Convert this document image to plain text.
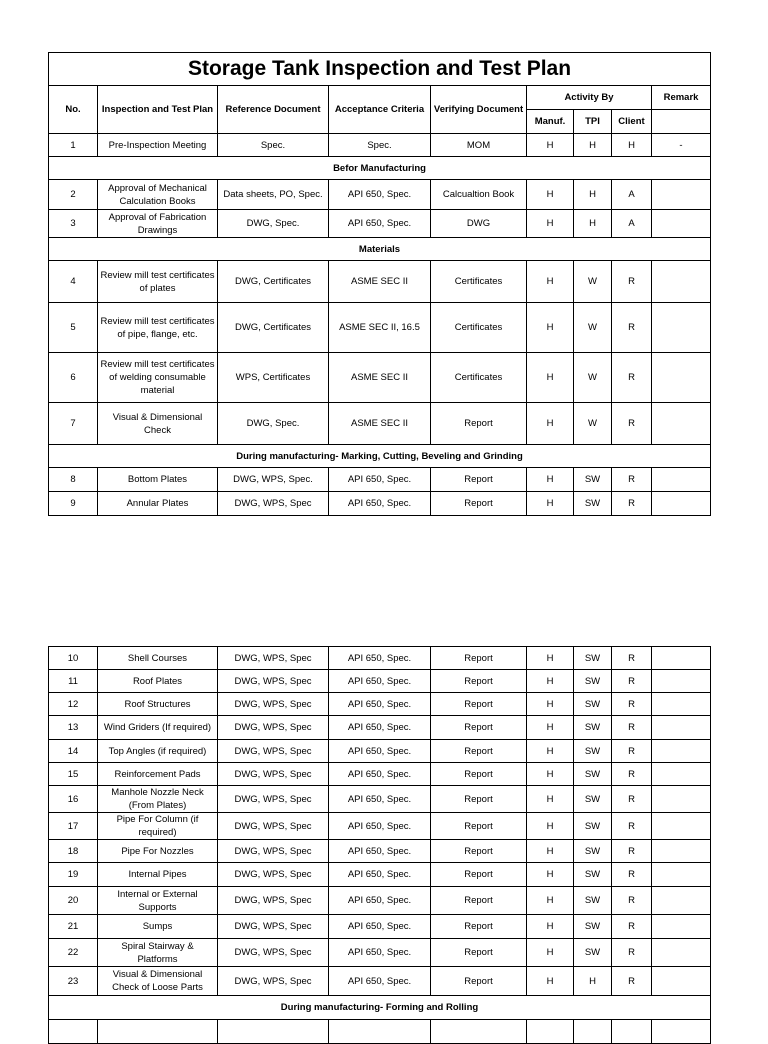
Storage Tank Inspection and Test Plan								
No.	Inspection and Test Plan	Reference Document	Acceptance Criteria	Verifying Document	Activity By			Remark
					Manuf.	TPI	Client	
1	Pre-Inspection Meeting	Spec.	Spec.	MOM	H	H	H	-
Befor Manufacturing								
2	Approval of Mechanical Calculation Books	Data sheets, PO, Spec.	API 650, Spec.	Calcualtion Book	H	H	A	
3	Approval of Fabrication Drawings	DWG, Spec.	API 650, Spec.	DWG	H	H	A	
Materials								
4	Review mill test certificates of plates	DWG, Certificates	ASME SEC II	Certificates	H	W	R	
5	Review mill test certificates of pipe, flange, etc.	DWG, Certificates	ASME SEC II, 16.5	Certificates	H	W	R	
6	Review mill test certificates of welding consumable material	WPS, Certificates	ASME SEC II	Certificates	H	W	R	
7	Visual & Dimensional Check	DWG, Spec.	ASME SEC II	Report	H	W	R	
During manufacturing- Marking, Cutting, Beveling and Grinding								
8	Bottom Plates	DWG, WPS, Spec.	API 650, Spec.	Report	H	SW	R	
9	Annular Plates	DWG, WPS, Spec	API 650, Spec.	Report	H	SW	R	
10	Shell Courses	DWG, WPS, Spec	API 650, Spec.	Report	H	SW	R	
11	Roof Plates	DWG, WPS, Spec	API 650, Spec.	Report	H	SW	R	
12	Roof Structures	DWG, WPS, Spec	API 650, Spec.	Report	H	SW	R	
13	Wind Griders (If required)	DWG, WPS, Spec	API 650, Spec.	Report	H	SW	R	
14	Top Angles (if required)	DWG, WPS, Spec	API 650, Spec.	Report	H	SW	R	
15	Reinforcement Pads	DWG, WPS, Spec	API 650, Spec.	Report	H	SW	R	
16	Manhole Nozzle Neck (From Plates)	DWG, WPS, Spec	API 650, Spec.	Report	H	SW	R	
17	Pipe For Column (if required)	DWG, WPS, Spec	API 650, Spec.	Report	H	SW	R	
18	Pipe For Nozzles	DWG, WPS, Spec	API 650, Spec.	Report	H	SW	R	
19	Internal Pipes	DWG, WPS, Spec	API 650, Spec.	Report	H	SW	R	
20	Internal or External Supports	DWG, WPS, Spec	API 650, Spec.	Report	H	SW	R	
21	Sumps	DWG, WPS, Spec	API 650, Spec.	Report	H	SW	R	
22	Spiral Stairway & Platforms	DWG, WPS, Spec	API 650, Spec.	Report	H	SW	R	
23	Visual & Dimensional Check of Loose Parts	DWG, WPS, Spec	API 650, Spec.	Report	H	H	R	
During manufacturing- Forming and Rolling								
